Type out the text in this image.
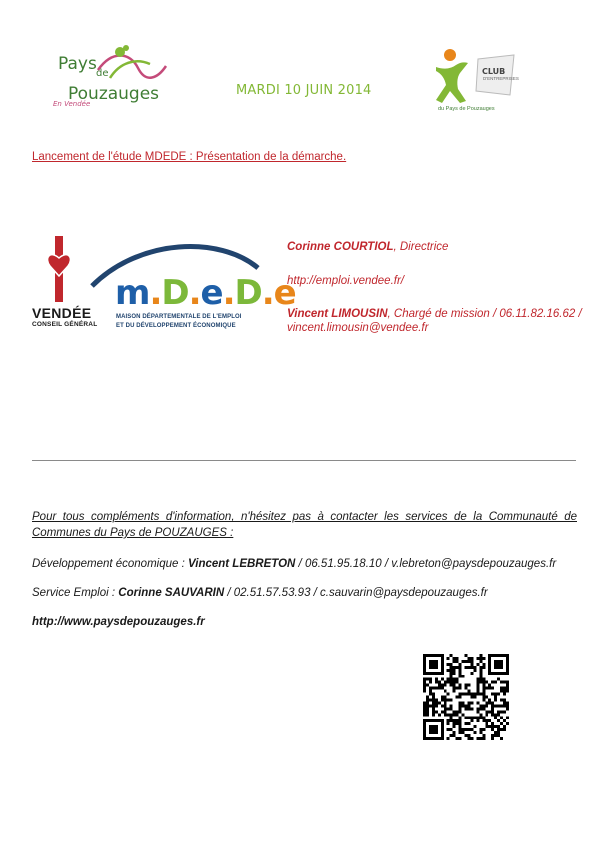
Pays de
Pouzauges
En Vendée
MARDI 10 JUIN 2014
CLUB
D'ENTREPRISES
du Pays de Pouzauges
Lancement de l'étude MDEDE : Présentation de la démarche.
VENDÉE
CONSEIL GÉNÉRAL
m.D.e.D.e
MAISON DÉPARTEMENTALE DE L'EMPLOI
ET DU DÉVELOPPEMENT ÉCONOMIQUE
Corinne COURTIOL, Directrice
http://emploi.vendee.fr/
Vincent LIMOUSIN, Chargé de mission / 06.11.82.16.62 / vincent.limousin@vendee.fr
Pour tous compléments d'information, n'hésitez pas à contacter les services de la Communauté de Communes du Pays de POUZAUGES :
Développement économique : Vincent LEBRETON / 06.51.95.18.10 / v.lebreton@paysdepouzauges.fr
Service Emploi : Corinne SAUVARIN / 02.51.57.53.93 / c.sauvarin@paysdepouzauges.fr
http://www.paysdepouzauges.fr
